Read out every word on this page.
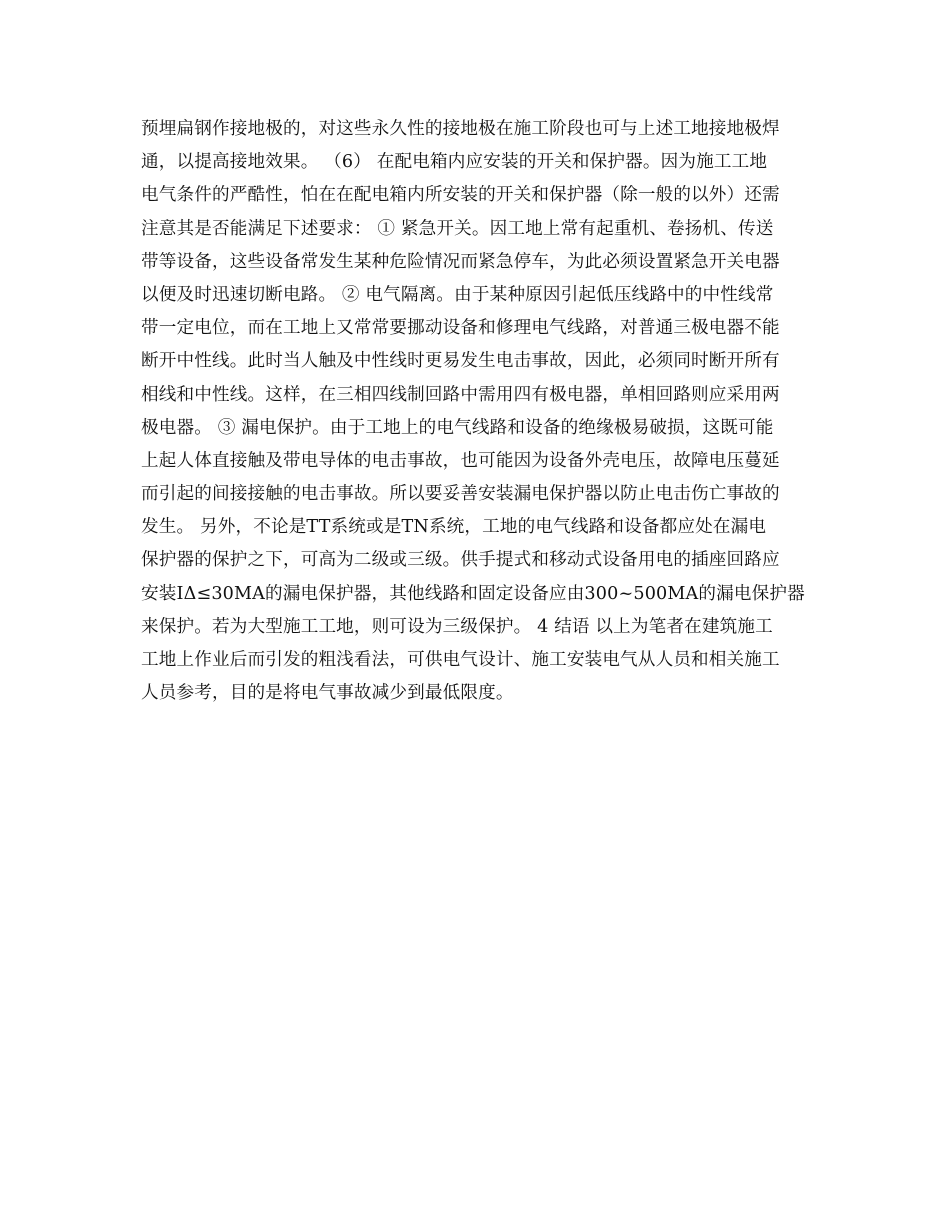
预埋扁钢作接地极的，对这些永久性的接地极在施工阶段也可与上述工地接地极焊
通，以提高接地效果。 （6） 在配电箱内应安装的开关和保护器。因为施工工地
电气条件的严酷性，怕在在配电箱内所安装的开关和保护器（除一般的以外）还需
注意其是否能满足下述要求： ① 紧急开关。因工地上常有起重机、卷扬机、传送
带等设备，这些设备常发生某种危险情况而紧急停车，为此必须设置紧急开关电器
以便及时迅速切断电路。 ② 电气隔离。由于某种原因引起低压线路中的中性线常
带一定电位，而在工地上又常常要挪动设备和修理电气线路，对普通三极电器不能
断开中性线。此时当人触及中性线时更易发生电击事故，因此，必须同时断开所有
相线和中性线。这样，在三相四线制回路中需用四有极电器，单相回路则应采用两
极电器。 ③ 漏电保护。由于工地上的电气线路和设备的绝缘极易破损，这既可能
上起人体直接触及带电导体的电击事故，也可能因为设备外壳电压，故障电压蔓延
而引起的间接接触的电击事故。所以要妥善安装漏电保护器以防止电击伤亡事故的
发生。 另外，不论是TT系统或是TN系统，工地的电气线路和设备都应处在漏电
保护器的保护之下，可高为二级或三级。供手提式和移动式设备用电的插座回路应
安装IΔ≤30MA的漏电保护器，其他线路和固定设备应由300~500MA的漏电保护器
来保护。若为大型施工工地，则可设为三级保护。 4 结语 以上为笔者在建筑施工
工地上作业后而引发的粗浅看法，可供电气设计、施工安装电气从人员和相关施工
人员参考，目的是将电气事故减少到最低限度。
